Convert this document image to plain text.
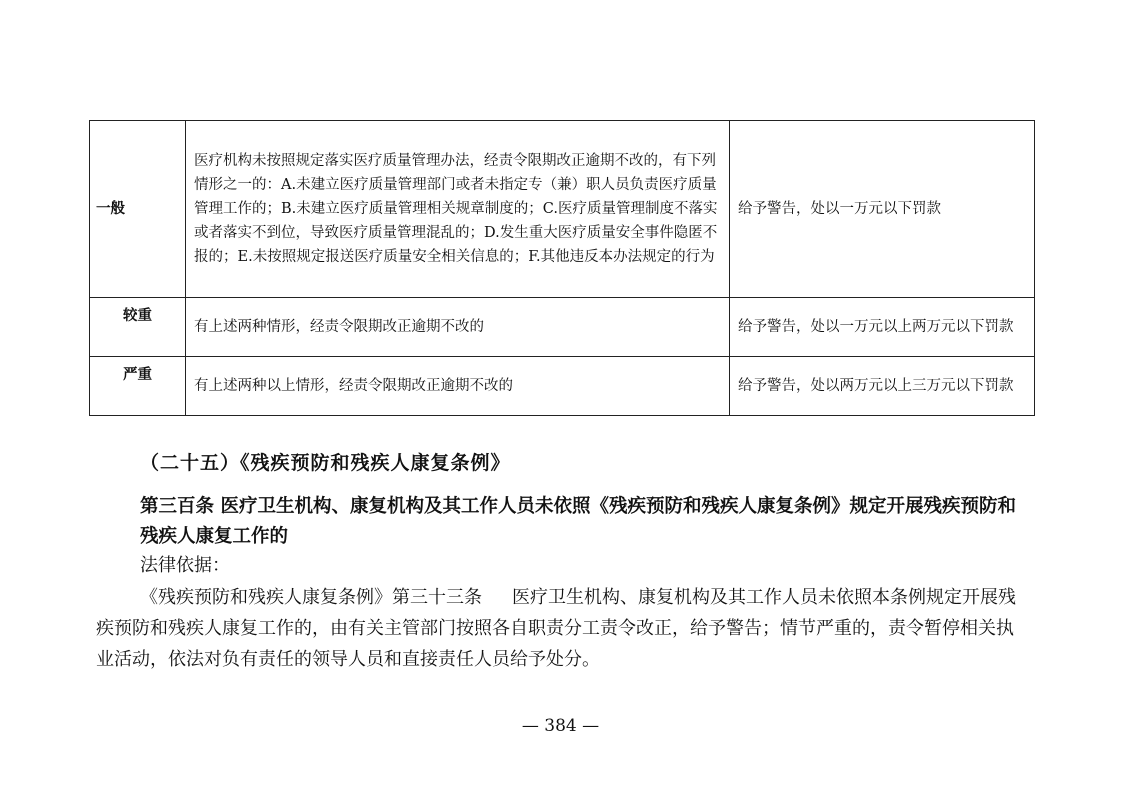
一般	医疗机构未按照规定落实医疗质量管理办法，经责令限期改正逾期不改的，有下列情形之一的：A.未建立医疗质量管理部门或者未指定专（兼）职人员负责医疗质量管理工作的；B.未建立医疗质量管理相关规章制度的；C.医疗质量管理制度不落实或者落实不到位，导致医疗质量管理混乱的；D.发生重大医疗质量安全事件隐匿不报的；E.未按照规定报送医疗质量安全相关信息的；F.其他违反本办法规定的行为	给予警告，处以一万元以下罚款
较重	有上述两种情形，经责令限期改正逾期不改的	给予警告，处以一万元以上两万元以下罚款
严重	有上述两种以上情形，经责令限期改正逾期不改的	给予警告，处以两万元以上三万元以下罚款
（二十五）《残疾预防和残疾人康复条例》
第三百条 医疗卫生机构、康复机构及其工作人员未依照《残疾预防和残疾人康复条例》规定开展残疾预防和残疾人康复工作的
法律依据：
《残疾预防和残疾人康复条例》第三十三条 医疗卫生机构、康复机构及其工作人员未依照本条例规定开展残疾预防和残疾人康复工作的，由有关主管部门按照各自职责分工责令改正，给予警告；情节严重的，责令暂停相关执业活动，依法对负有责任的领导人员和直接责任人员给予处分。
— 384 —
